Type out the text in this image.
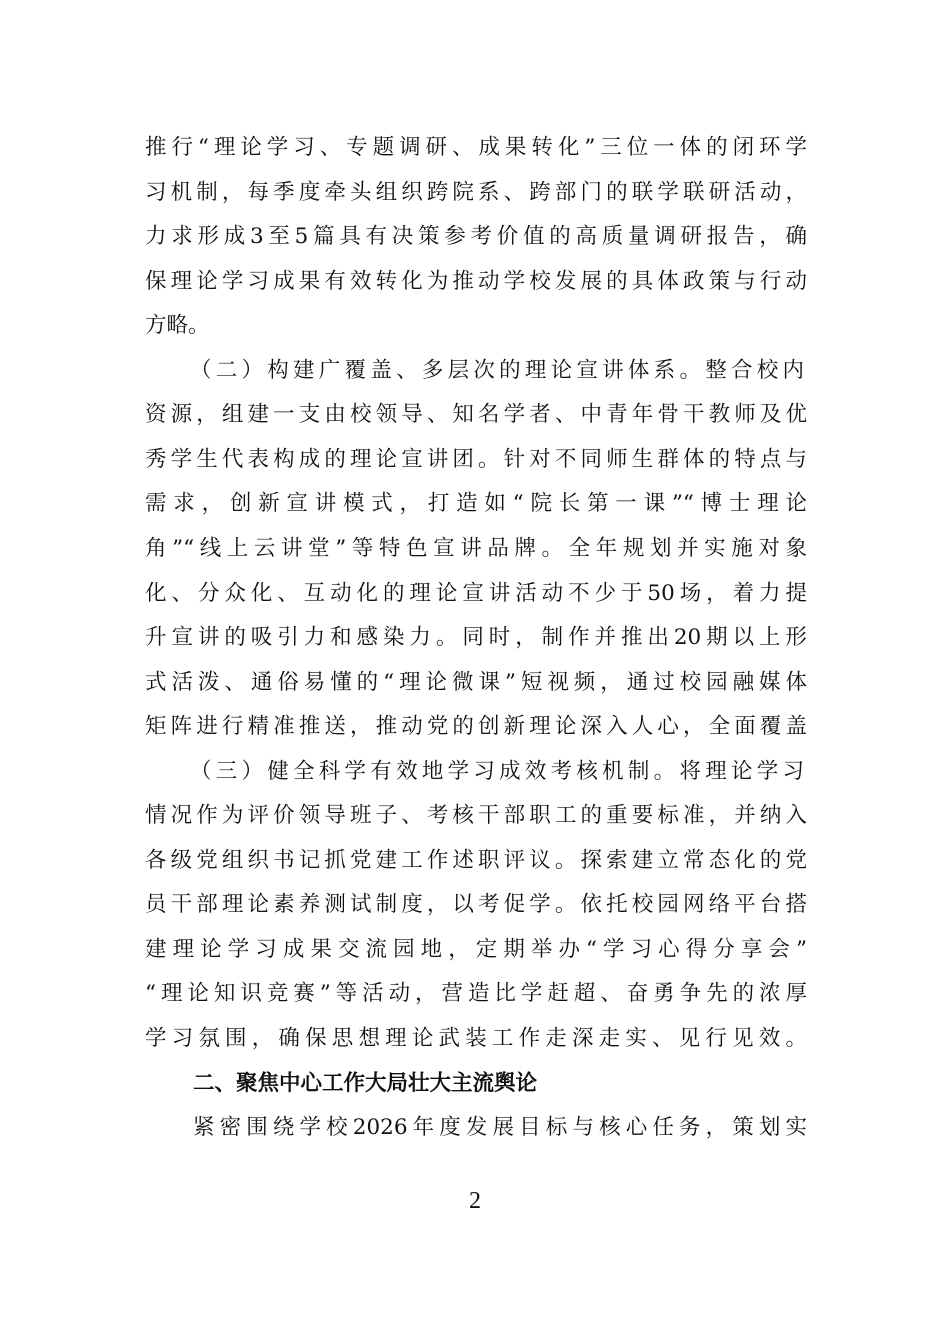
推行“理论学习、专题调研、成果转化”三位一体的闭环学
习机制，每季度牵头组织跨院系、跨部门的联学联研活动，
力求形成3至5篇具有决策参考价值的高质量调研报告，确
保理论学习成果有效转化为推动学校发展的具体政策与行动
方略。
（二）构建广覆盖、多层次的理论宣讲体系。整合校内
资源，组建一支由校领导、知名学者、中青年骨干教师及优
秀学生代表构成的理论宣讲团。针对不同师生群体的特点与
需求，创新宣讲模式，打造如“院长第一课”“博士理论
角”“线上云讲堂”等特色宣讲品牌。全年规划并实施对象
化、分众化、互动化的理论宣讲活动不少于50场，着力提
升宣讲的吸引力和感染力。同时，制作并推出20期以上形
式活泼、通俗易懂的“理论微课”短视频，通过校园融媒体
矩阵进行精准推送，推动党的创新理论深入人心，全面覆盖
（三）健全科学有效地学习成效考核机制。将理论学习
情况作为评价领导班子、考核干部职工的重要标准，并纳入
各级党组织书记抓党建工作述职评议。探索建立常态化的党
员干部理论素养测试制度，以考促学。依托校园网络平台搭
建理论学习成果交流园地，定期举办“学习心得分享会”
“理论知识竞赛”等活动，营造比学赶超、奋勇争先的浓厚
学习氛围，确保思想理论武装工作走深走实、见行见效。
二、聚焦中心工作大局壮大主流舆论
紧密围绕学校2026年度发展目标与核心任务，策划实
2
